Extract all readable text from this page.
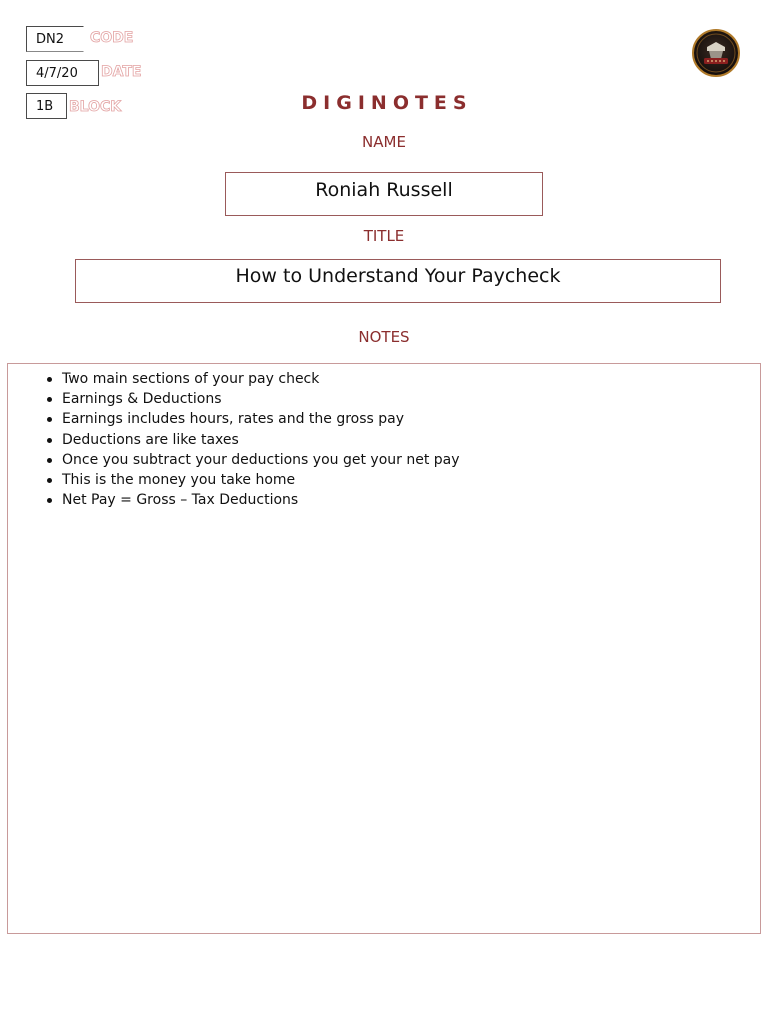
DN2	CODE
4/7/20	DATE
1B	BLOCK	DIGINOTES
NAME
Roniah Russell
TITLE
How to Understand Your Paycheck
NOTES
Two main sections of your pay check
Earnings & Deductions
Earnings includes hours, rates and the gross pay
Deductions are like taxes
Once you subtract your deductions you get your net pay
This is the money you take home
Net Pay = Gross – Tax Deductions
